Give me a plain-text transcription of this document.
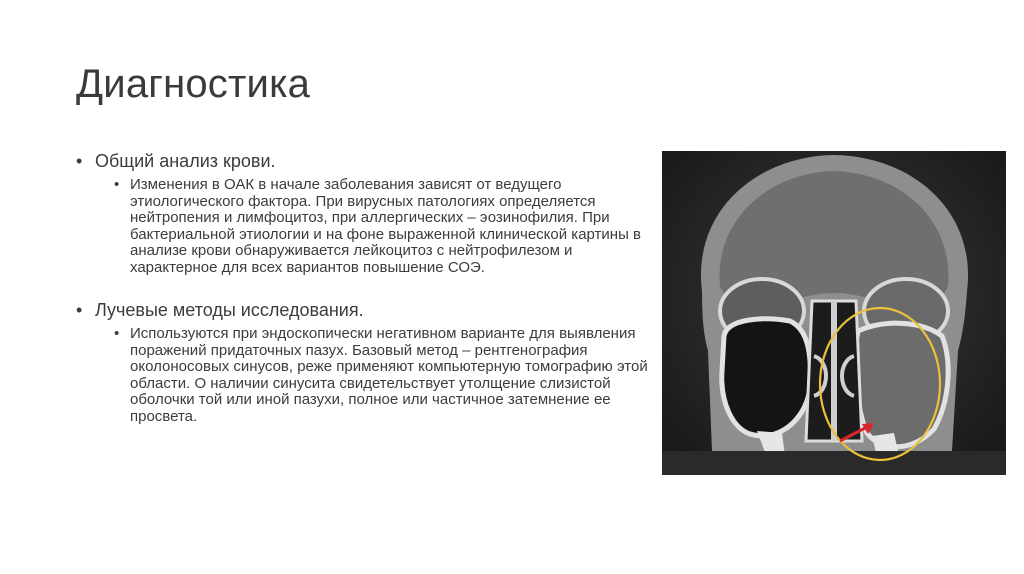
Диагностика
• Общий анализ крови.
• Изменения в ОАК в начале заболевания зависят от ведущего этиологического фактора. При вирусных патологиях определяется нейтропения и лимфоцитоз, при аллергических – эозинофилия. При бактериальной этиологии и на фоне выраженной клинической картины в анализе крови обнаруживается лейкоцитоз с нейтрофилезом и характерное для всех вариантов повышение СОЭ.
• Лучевые методы исследования.
• Используются при эндоскопически негативном варианте для выявления поражений придаточных пазух. Базовый метод – рентгенография околоносовых синусов, реже применяют компьютерную томографию этой области. О наличии синусита свидетельствует утолщение слизистой оболочки той или иной пазухи, полное или частичное затемнение ее просвета.
